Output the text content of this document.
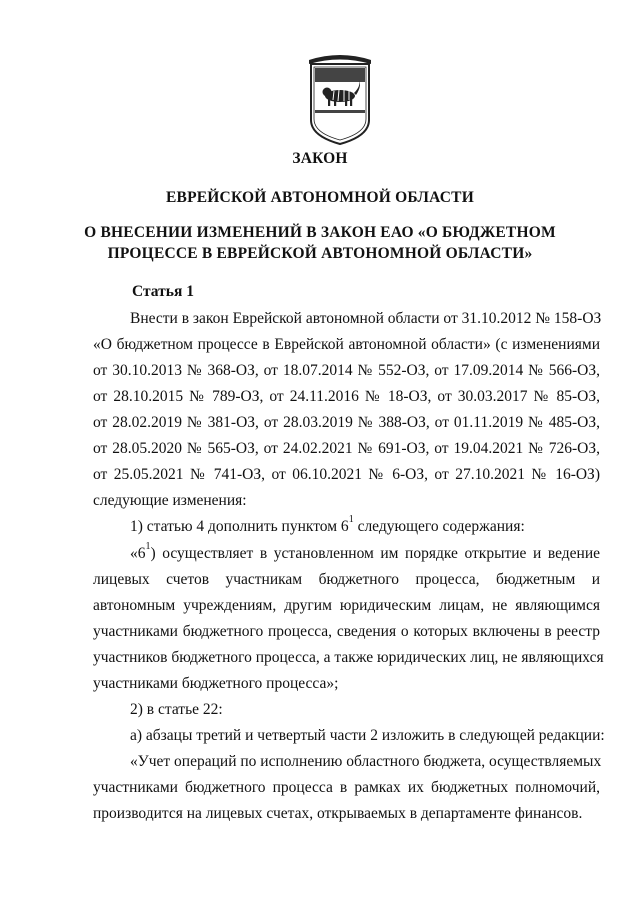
ЗАКОН
ЕВРЕЙСКОЙ АВТОНОМНОЙ ОБЛАСТИ
О ВНЕСЕНИИ ИЗМЕНЕНИЙ В ЗАКОН ЕАО «О БЮДЖЕТНОМ
ПРОЦЕССЕ В ЕВРЕЙСКОЙ АВТОНОМНОЙ ОБЛАСТИ»
Статья 1
Внести в закон Еврейской автономной области от 31.10.2012 № 158-ОЗ
«О бюджетном процессе в Еврейской автономной области» (с изменениями
от 30.10.2013 № 368-ОЗ, от 18.07.2014 № 552-ОЗ, от 17.09.2014 № 566-ОЗ,
от 28.10.2015 № 789-ОЗ, от 24.11.2016 № 18-ОЗ, от 30.03.2017 № 85-ОЗ,
от 28.02.2019 № 381-ОЗ, от 28.03.2019 № 388-ОЗ, от 01.11.2019 № 485-ОЗ,
от 28.05.2020 № 565-ОЗ, от 24.02.2021 № 691-ОЗ, от 19.04.2021 № 726-ОЗ,
от 25.05.2021 № 741-ОЗ, от 06.10.2021 № 6-ОЗ, от 27.10.2021 № 16-ОЗ)
следующие изменения:
1) статью 4 дополнить пунктом $6^1$ следующего содержания:
«$6^1$) осуществляет в установленном им порядке открытие и ведение
лицевых счетов участникам бюджетного процесса, бюджетным и
автономным учреждениям, другим юридическим лицам, не являющимся
участниками бюджетного процесса, сведения о которых включены в реестр
участников бюджетного процесса, а также юридических лиц, не являющихся
участниками бюджетного процесса»;
2) в статье 22:
а) абзацы третий и четвертый части 2 изложить в следующей редакции:
«Учет операций по исполнению областного бюджета, осуществляемых
участниками бюджетного процесса в рамках их бюджетных полномочий,
производится на лицевых счетах, открываемых в департаменте финансов.
